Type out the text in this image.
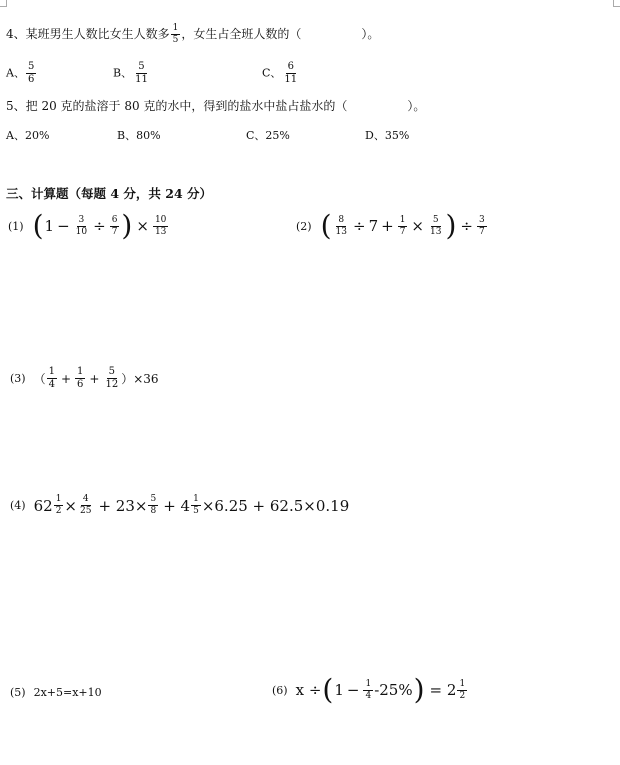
4、某班男生人数比女生人数多 $\frac{1}{5}$ ，女生占全班人数的（　　　　　）。
A、 $\frac{5}{6}$	B、 $\frac{5}{11}$	C、 $\frac{6}{11}$
5、把 20 克的盐溶于 80 克的水中，得到的盐水中盐占盐水的（　　　　　）。
A、20%	B、80%	C、25%	D、35%
三、计算题（每题 4 分，共 24 分）
(1) ( $1 - \frac{3}{10} \div \frac{6}{7}$ ) × $\frac{10}{13}$	(2) ( $\frac{8}{13} \div 7 + \frac{1}{7} \times \frac{5}{13}$ ) ÷ $\frac{3}{7}$
(3) （ $\frac{1}{4} + \frac{1}{6} + \frac{5}{12} )\times 36$
(4) $62 \frac{1}{2} \times \frac{4}{25} + 23\times \frac{5}{8} + 4 \frac{1}{5} \times 6.25 + 62.5\times 0.19$
(5) 2x+5=x+10	(6) x ÷ ( $1 - \frac{1}{4} -25\%$ ) = $2 \frac{1}{2}$
